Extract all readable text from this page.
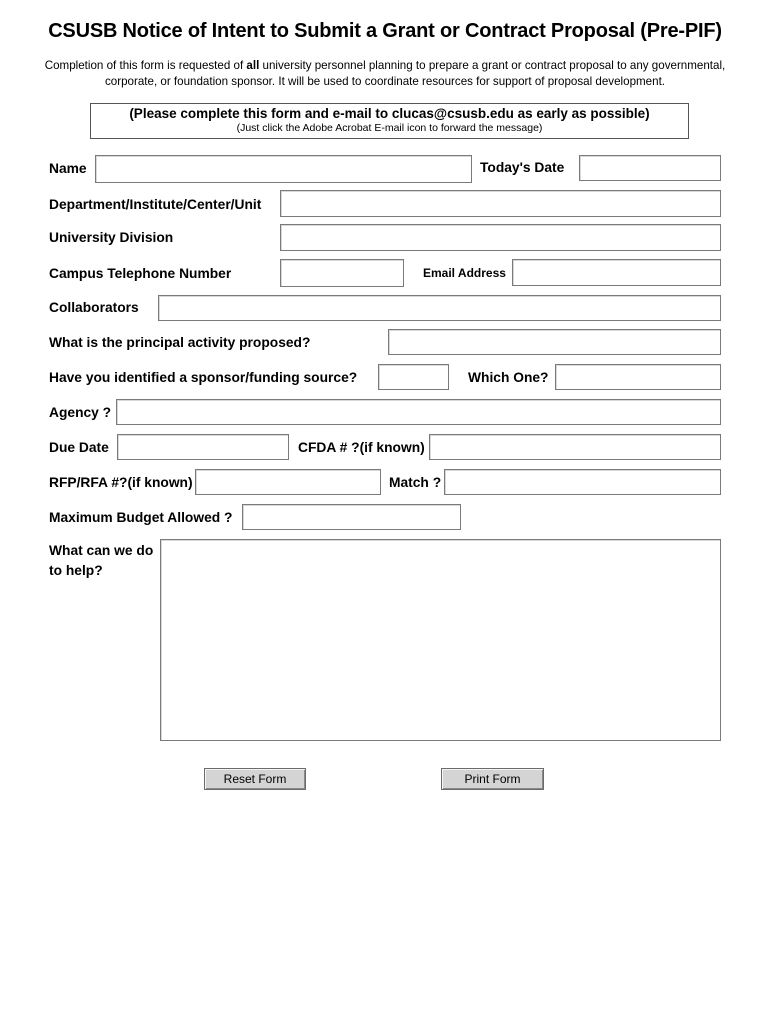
CSUSB Notice of Intent to Submit a Grant or Contract Proposal (Pre-PIF)
Completion of this form is requested of all university personnel planning to prepare a grant or contract proposal to any governmental, corporate, or foundation sponsor. It will be used to coordinate resources for support of proposal development.
(Please complete this form and e-mail to clucas@csusb.edu as early as possible)
(Just click the Adobe Acrobat E-mail icon to forward the message)
Name	Today's Date
Department/Institute/Center/Unit
University Division
Campus Telephone Number	Email Address
Collaborators
What is the principal activity proposed?
Have you identified a sponsor/funding source?	Which One?
Agency ?
Due Date	CFDA # ?(if known)
RFP/RFA #?(if known)	Match ?
Maximum Budget Allowed ?
What can we do
to help?
Reset Form	Print Form
